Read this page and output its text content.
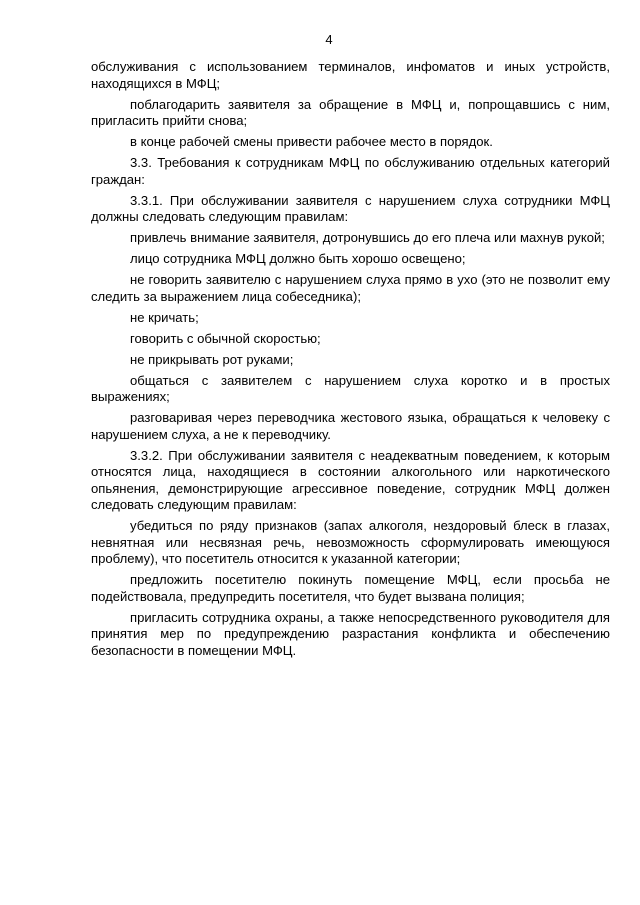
4

обслуживания с использованием терминалов, инфоматов и иных устройств, находящихся в МФЦ;

поблагодарить заявителя за обращение в МФЦ и, попрощавшись с ним, пригласить прийти снова;

в конце рабочей смены привести рабочее место в порядок.

3.3. Требования к сотрудникам МФЦ по обслуживанию отдельных категорий граждан:

3.3.1. При обслуживании заявителя с нарушением слуха сотрудники МФЦ должны следовать следующим правилам:

привлечь внимание заявителя, дотронувшись до его плеча или махнув рукой;

лицо сотрудника МФЦ должно быть хорошо освещено;

не говорить заявителю с нарушением слуха прямо в ухо (это не позволит ему следить за выражением лица собеседника);

не кричать;

говорить с обычной скоростью;

не прикрывать рот руками;

общаться с заявителем с нарушением слуха коротко и в простых выражениях;

разговаривая через переводчика жестового языка, обращаться к человеку с нарушением слуха, а не к переводчику.

3.3.2. При обслуживании заявителя с неадекватным поведением, к которым относятся лица, находящиеся в состоянии алкогольного или наркотического опьянения, демонстрирующие агрессивное поведение, сотрудник МФЦ должен следовать следующим правилам:

убедиться по ряду признаков (запах алкоголя, нездоровый блеск в глазах, невнятная или несвязная речь, невозможность сформулировать имеющуюся проблему), что посетитель относится к указанной категории;

предложить посетителю покинуть помещение МФЦ, если просьба не подействовала, предупредить посетителя, что будет вызвана полиция;

пригласить сотрудника охраны, а также непосредственного руководителя для принятия мер по предупреждению разрастания конфликта и обеспечению безопасности в помещении МФЦ.
